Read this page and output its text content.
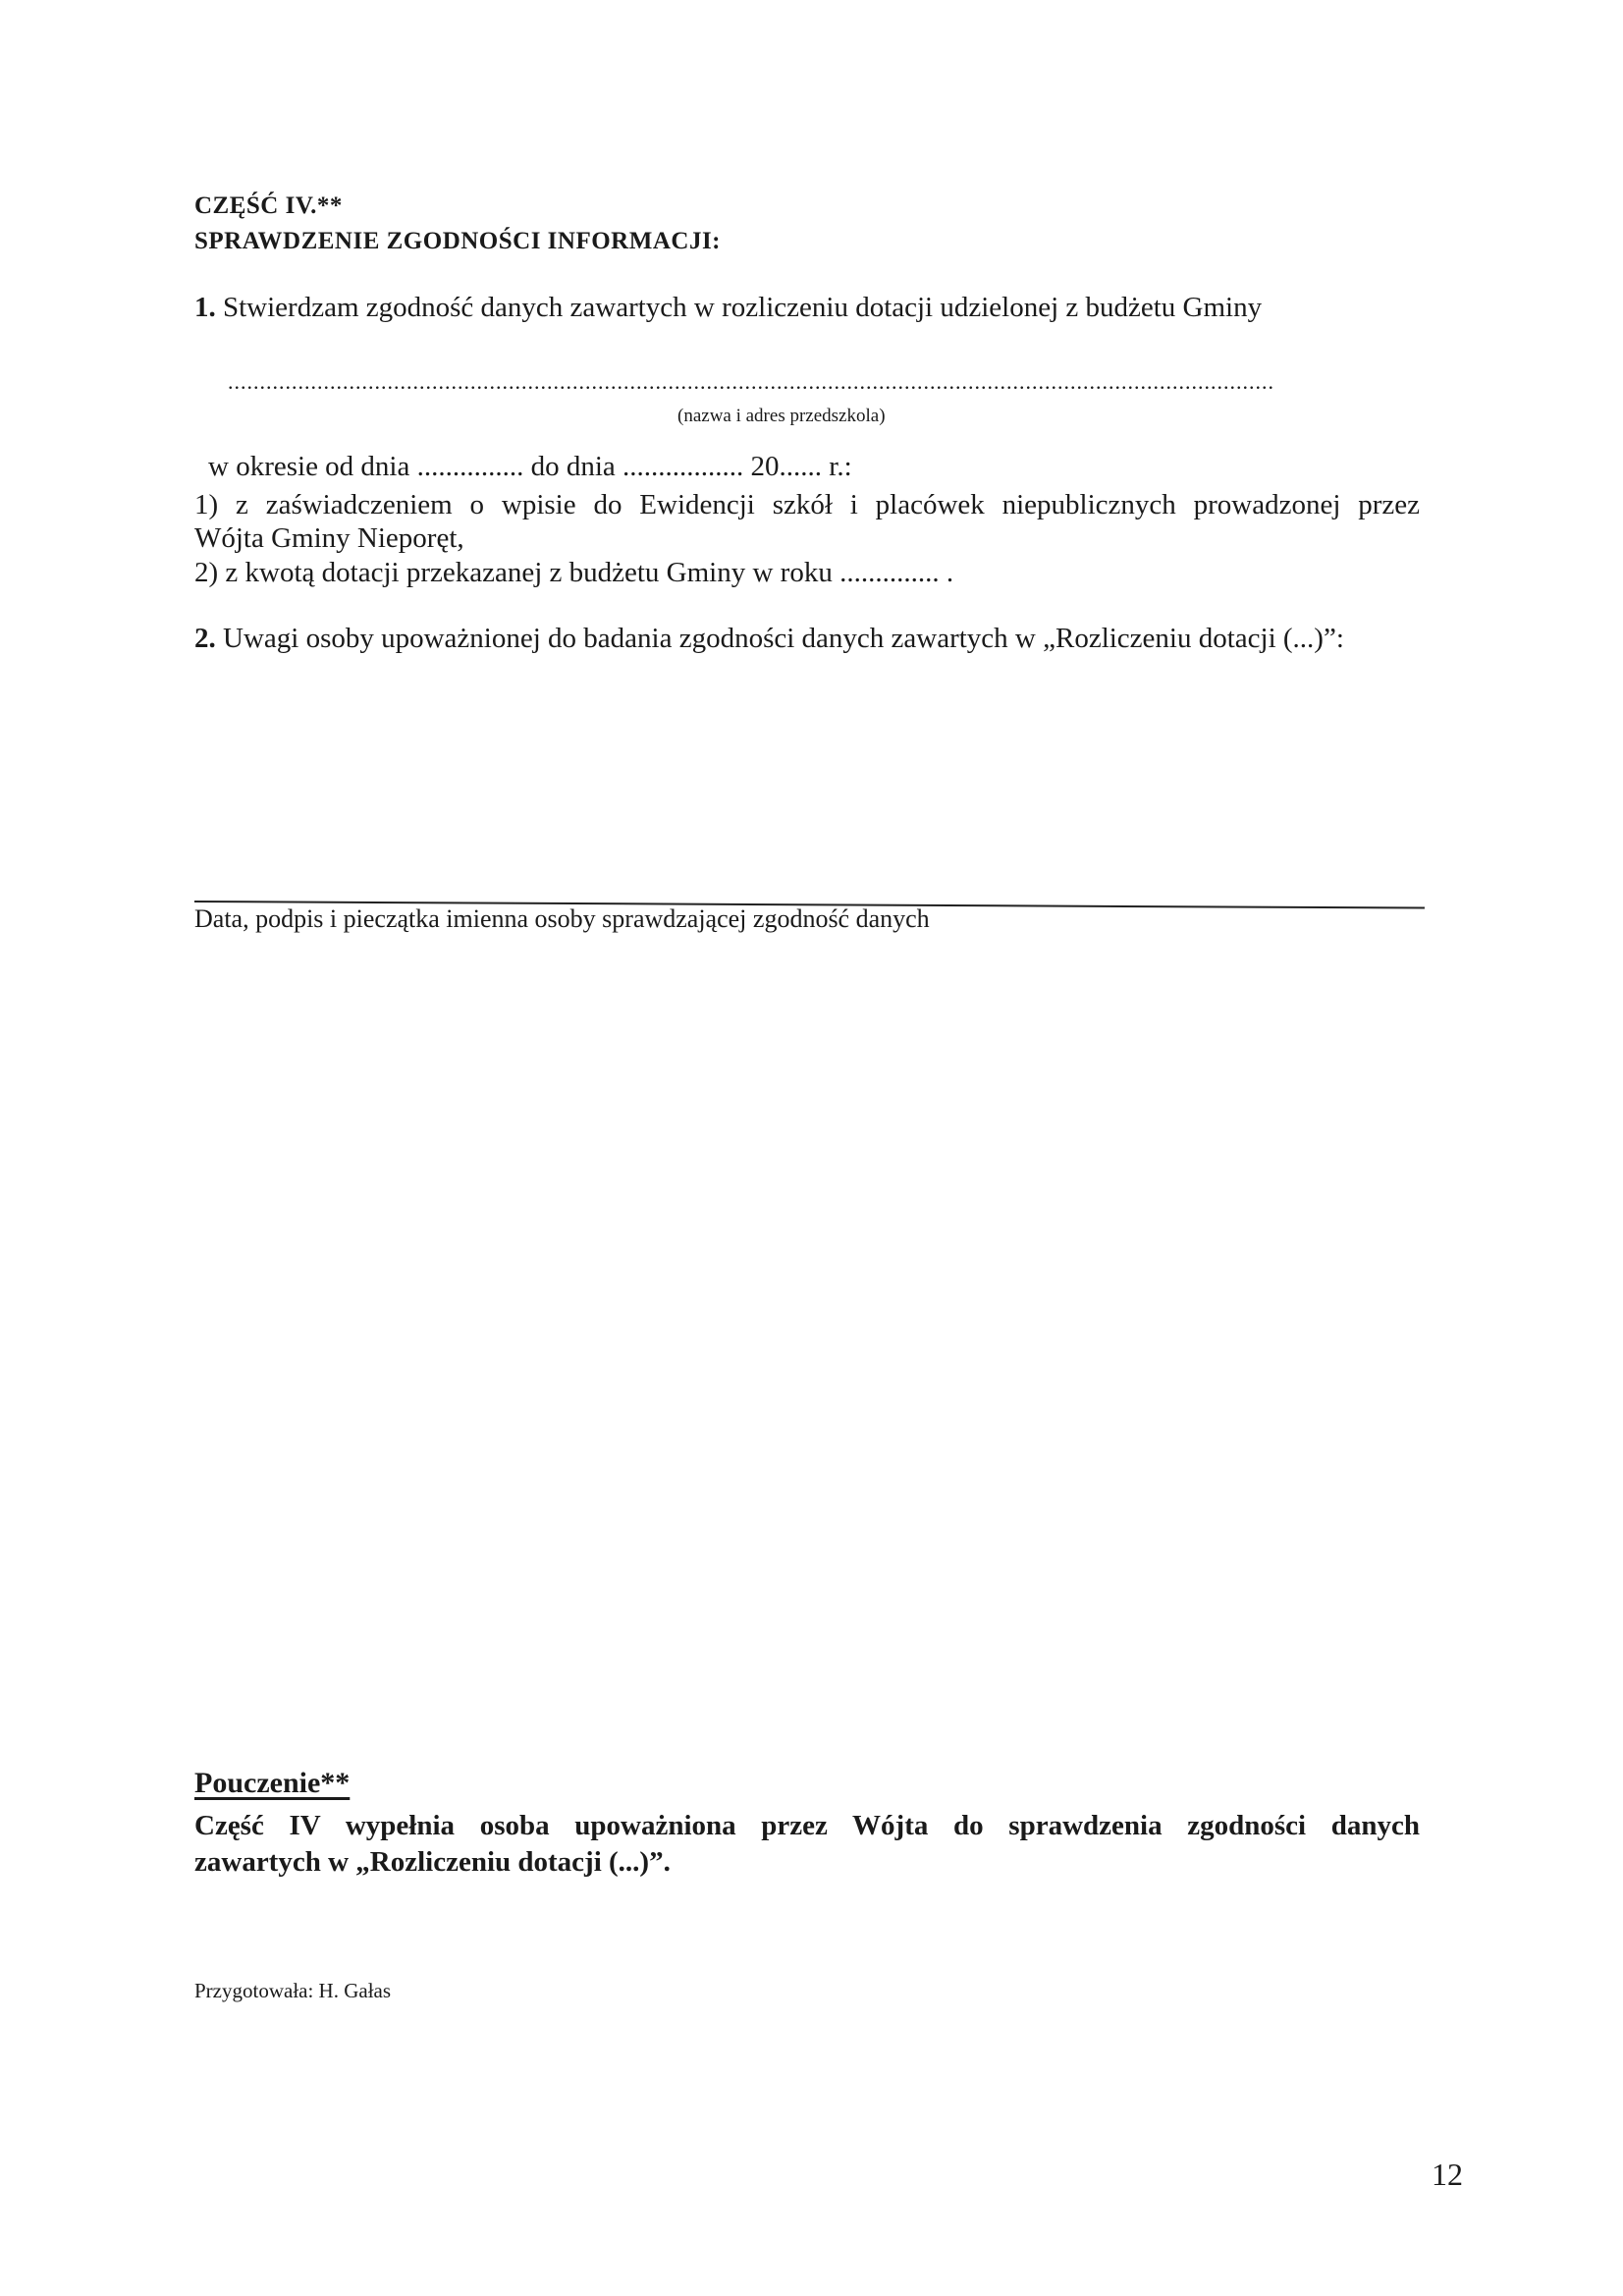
CZĘŚĆ IV.**
SPRAWDZENIE ZGODNOŚCI INFORMACJI:
1. Stwierdzam zgodność danych zawartych w rozliczeniu dotacji udzielonej z budżetu Gminy
....................................................................................................................................................................
(nazwa i adres przedszkola)
w okresie od dnia ............... do dnia ................. 20...... r.:
1) z zaświadczeniem o wpisie do Ewidencji szkół i placówek niepublicznych prowadzonej przez
Wójta Gminy Nieporęt,
2) z kwotą dotacji przekazanej z budżetu Gminy w roku .............. .
2. Uwagi osoby upoważnionej do badania zgodności danych zawartych w „Rozliczeniu dotacji (...)”:
Data, podpis i pieczątka imienna osoby sprawdzającej zgodność danych
Pouczenie**
Część IV wypełnia osoba upoważniona przez Wójta do sprawdzenia zgodności danych
zawartych w „Rozliczeniu dotacji (...)”.
Przygotowała: H. Gałas
12
